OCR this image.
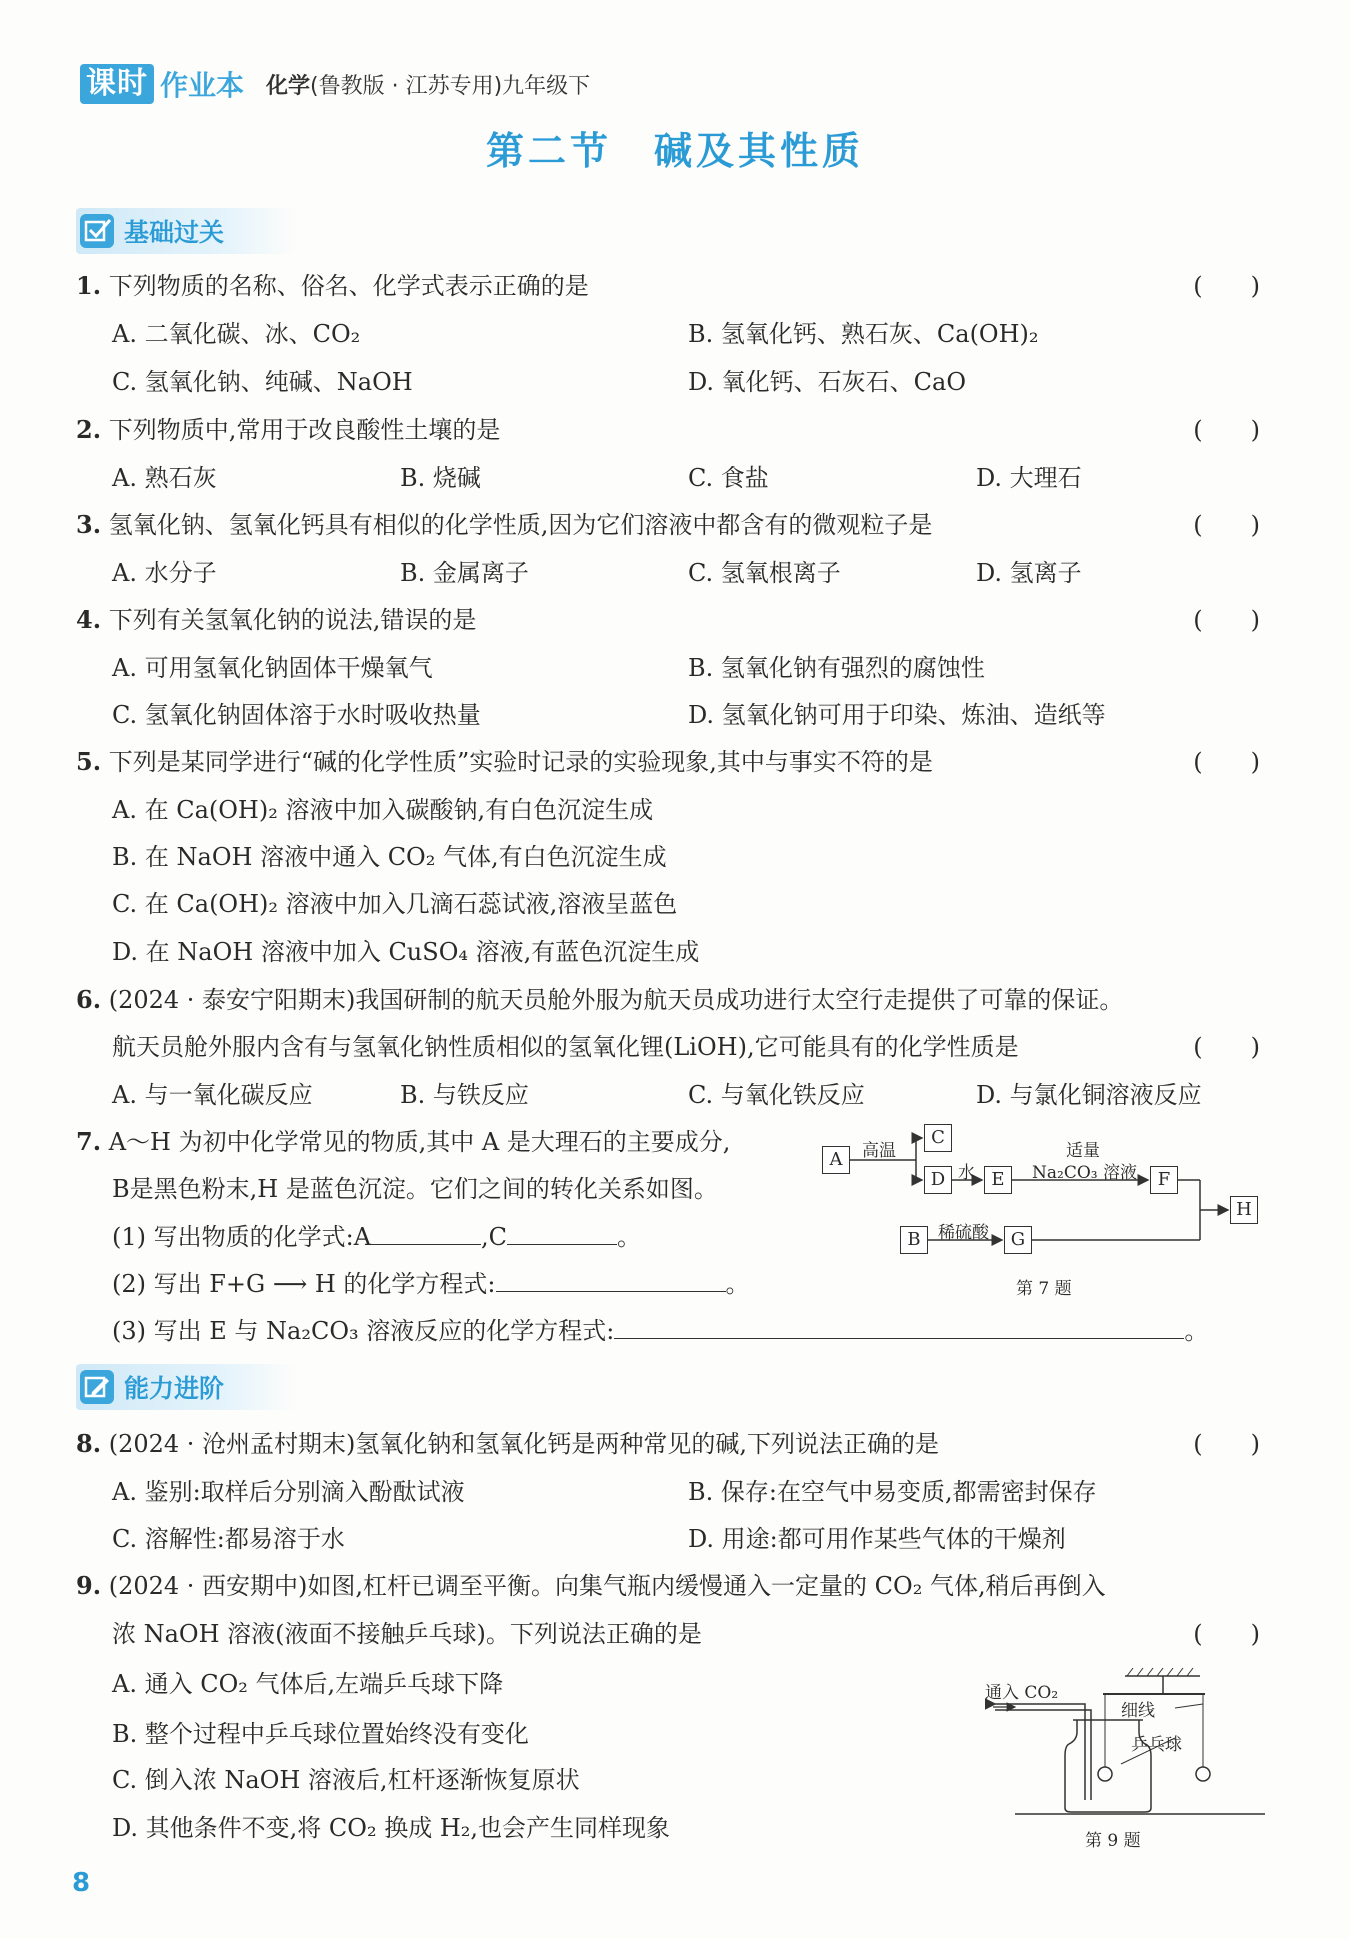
课时 作业本 化学(鲁教版 · 江苏专用)九年级下
第二节　碱及其性质
基础过关
1. 下列物质的名称、俗名、化学式表示正确的是	(　　)
A. 二氧化碳、冰、CO₂	B. 氢氧化钙、熟石灰、Ca(OH)₂
C. 氢氧化钠、纯碱、NaOH	D. 氧化钙、石灰石、CaO
2. 下列物质中,常用于改良酸性土壤的是	(　　)
A. 熟石灰	B. 烧碱	C. 食盐	D. 大理石
3. 氢氧化钠、氢氧化钙具有相似的化学性质,因为它们溶液中都含有的微观粒子是	(　　)
A. 水分子	B. 金属离子	C. 氢氧根离子	D. 氢离子
4. 下列有关氢氧化钠的说法,错误的是	(　　)
A. 可用氢氧化钠固体干燥氧气	B. 氢氧化钠有强烈的腐蚀性
C. 氢氧化钠固体溶于水时吸收热量	D. 氢氧化钠可用于印染、炼油、造纸等
5. 下列是某同学进行“碱的化学性质”实验时记录的实验现象,其中与事实不符的是	(　　)
A. 在 Ca(OH)₂ 溶液中加入碳酸钠,有白色沉淀生成
B. 在 NaOH 溶液中通入 CO₂ 气体,有白色沉淀生成
C. 在 Ca(OH)₂ 溶液中加入几滴石蕊试液,溶液呈蓝色
D. 在 NaOH 溶液中加入 CuSO₄ 溶液,有蓝色沉淀生成
6. (2024 · 泰安宁阳期末)我国研制的航天员舱外服为航天员成功进行太空行走提供了可靠的保证。
航天员舱外服内含有与氢氧化钠性质相似的氢氧化锂(LiOH),它可能具有的化学性质是	(　　)
A. 与一氧化碳反应	B. 与铁反应	C. 与氧化铁反应	D. 与氯化铜溶液反应
7. A～H 为初中化学常见的物质,其中 A 是大理石的主要成分,
B是黑色粉末,H 是蓝色沉淀。它们之间的转化关系如图。
(1) 写出物质的化学式:A	,C	。
(2) 写出 F+G ⟶ H 的化学方程式:	。
(3) 写出 E 与 Na₂CO₃ 溶液反应的化学方程式:	。
A
C
D	E	F
H
B	G
高温
水
适量
Na₂CO₃ 溶液
稀硫酸
第 7 题
能力进阶
8. (2024 · 沧州孟村期末)氢氧化钠和氢氧化钙是两种常见的碱,下列说法正确的是	(　　)
A. 鉴别:取样后分别滴入酚酞试液	B. 保存:在空气中易变质,都需密封保存
C. 溶解性:都易溶于水	D. 用途:都可用作某些气体的干燥剂
9. (2024 · 西安期中)如图,杠杆已调至平衡。向集气瓶内缓慢通入一定量的 CO₂ 气体,稍后再倒入
浓 NaOH 溶液(液面不接触乒乓球)。下列说法正确的是	(　　)
A. 通入 CO₂ 气体后,左端乒乓球下降
B. 整个过程中乒乓球位置始终没有变化
C. 倒入浓 NaOH 溶液后,杠杆逐渐恢复原状
D. 其他条件不变,将 CO₂ 换成 H₂,也会产生同样现象
通入 CO₂
细线
乒乓球
第 9 题
8
